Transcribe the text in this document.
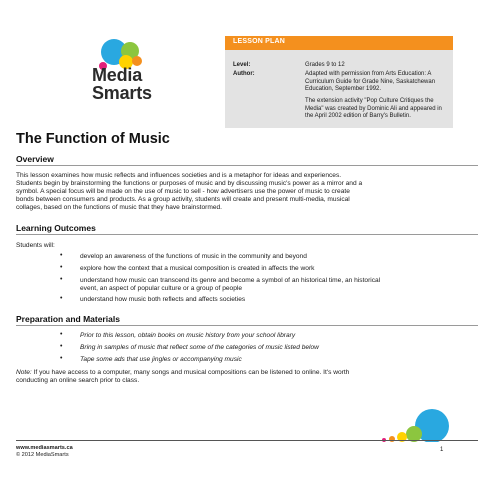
Media
Smarts
LESSON PLAN
Level:	Grades 9 to 12
Author:	Adapted with permission from Arts Education: A Curriculum Guide for Grade Nine, Saskatchewan Education, September 1992.
The extension activity "Pop Culture Critiques the Media" was created by Dominic Ali and appeared in the April 2002 edition of Barry's Bulletin.
The Function of Music
Overview
This lesson examines how music reflects and influences societies and is a metaphor for ideas and experiences.
Students begin by brainstorming the functions or purposes of music and by discussing music's power as a mirror and a
symbol. A special focus will be made on the use of music to sell - how advertisers use the power of music to create
bonds between consumers and products. As a group activity, students will create and present multi-media, musical
collages, based on the functions of music that they have brainstormed.
Learning Outcomes
Students will:
•	develop an awareness of the functions of music in the community and beyond
•	explore how the context that a musical composition is created in affects the work
•	understand how music can transcend its genre and become a symbol of an historical time, an historical
event, an aspect of popular culture or a group of people
•	understand how music both reflects and affects societies
Preparation and Materials
•	Prior to this lesson, obtain books on music history from your school library
•	Bring in samples of music that reflect some of the categories of music listed below
•	Tape some ads that use jingles or accompanying music
Note: If you have access to a computer, many songs and musical compositions can be listened to online. It's worth
conducting an online search prior to class.
www.mediasmarts.ca
© 2012 MediaSmarts
1
